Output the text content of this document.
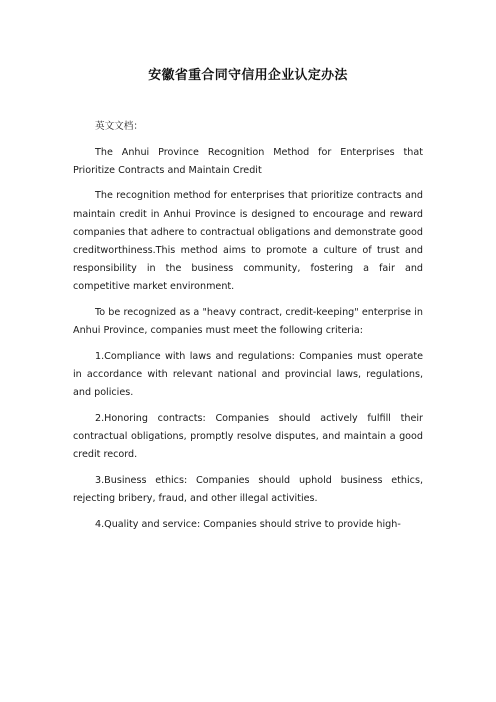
安徽省重合同守信用企业认定办法

英文文档：

The Anhui Province Recognition Method for Enterprises that Prioritize Contracts and Maintain Credit

The recognition method for enterprises that prioritize contracts and maintain credit in Anhui Province is designed to encourage and reward companies that adhere to contractual obligations and demonstrate good creditworthiness.This method aims to promote a culture of trust and responsibility in the business community, fostering a fair and competitive market environment.

To be recognized as a "heavy contract, credit-keeping" enterprise in Anhui Province, companies must meet the following criteria:

1.Compliance with laws and regulations: Companies must operate in accordance with relevant national and provincial laws, regulations, and policies.

2.Honoring contracts: Companies should actively fulfill their contractual obligations, promptly resolve disputes, and maintain a good credit record.

3.Business ethics: Companies should uphold business ethics, rejecting bribery, fraud, and other illegal activities.

4.Quality and service: Companies should strive to provide high-
